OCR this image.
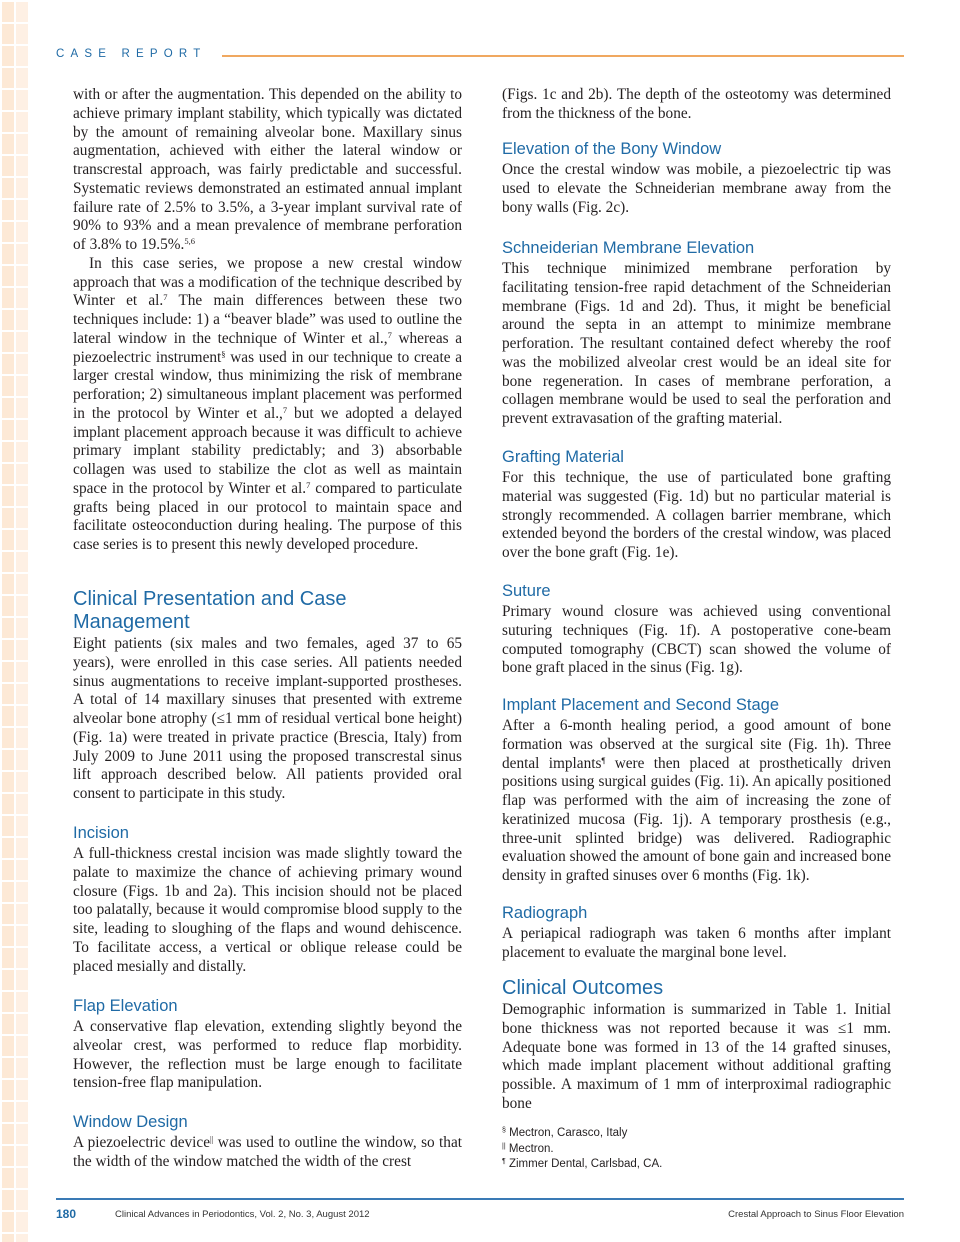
CASE REPORT

with or after the augmentation. This depended on the ability to achieve primary implant stability, which typically was dictated by the amount of remaining alveolar bone. Maxillary sinus augmentation, achieved with either the lateral window or transcrestal approach, was fairly predictable and successful. Systematic reviews demonstrated an estimated annual implant failure rate of 2.5% to 3.5%, a 3-year implant survival rate of 90% to 93% and a mean prevalence of membrane perforation of 3.8% to 19.5%.$^{5,6}$

In this case series, we propose a new crestal window approach that was a modification of the technique described by Winter et al.$^7$ The main differences between these two techniques include: 1) a “beaver blade” was used to outline the lateral window in the technique of Winter et al.,$^7$ whereas a piezoelectric instrument§ was used in our technique to create a larger crestal window, thus minimizing the risk of membrane perforation; 2) simultaneous implant placement was performed in the protocol by Winter et al.,$^7$ but we adopted a delayed implant placement approach because it was difficult to achieve primary implant stability predictably; and 3) absorbable collagen was used to stabilize the clot as well as maintain space in the protocol by Winter et al.$^7$ compared to particulate grafts being placed in our protocol to maintain space and facilitate osteoconduction during healing. The purpose of this case series is to present this newly developed procedure.

Clinical Presentation and Case Management

Eight patients (six males and two females, aged 37 to 65 years), were enrolled in this case series. All patients needed sinus augmentations to receive implant-supported prostheses. A total of 14 maxillary sinuses that presented with extreme alveolar bone atrophy (≤1 mm of residual vertical bone height) (Fig. 1a) were treated in private practice (Brescia, Italy) from July 2009 to June 2011 using the proposed transcrestal sinus lift approach described below. All patients provided oral consent to participate in this study.

Incision

A full-thickness crestal incision was made slightly toward the palate to maximize the chance of achieving primary wound closure (Figs. 1b and 2a). This incision should not be placed too palatally, because it would compromise blood supply to the site, leading to sloughing of the flaps and wound dehiscence. To facilitate access, a vertical or oblique release could be placed mesially and distally.

Flap Elevation

A conservative flap elevation, extending slightly beyond the alveolar crest, was performed to reduce flap morbidity. However, the reflection must be large enough to facilitate tension-free flap manipulation.

Window Design

A piezoelectric device|| was used to outline the window, so that the width of the window matched the width of the crest

(Figs. 1c and 2b). The depth of the osteotomy was determined from the thickness of the bone.

Elevation of the Bony Window

Once the crestal window was mobile, a piezoelectric tip was used to elevate the Schneiderian membrane away from the bony walls (Fig. 2c).

Schneiderian Membrane Elevation

This technique minimized membrane perforation by facilitating tension-free rapid detachment of the Schneiderian membrane (Figs. 1d and 2d). Thus, it might be beneficial around the septa in an attempt to minimize membrane perforation. The resultant contained defect whereby the roof was the mobilized alveolar crest would be an ideal site for bone regeneration. In cases of membrane perforation, a collagen membrane would be used to seal the perforation and prevent extravasation of the grafting material.

Grafting Material

For this technique, the use of particulated bone grafting material was suggested (Fig. 1d) but no particular material is strongly recommended. A collagen barrier membrane, which extended beyond the borders of the crestal window, was placed over the bone graft (Fig. 1e).

Suture

Primary wound closure was achieved using conventional suturing techniques (Fig. 1f). A postoperative cone-beam computed tomography (CBCT) scan showed the volume of bone graft placed in the sinus (Fig. 1g).

Implant Placement and Second Stage

After a 6-month healing period, a good amount of bone formation was observed at the surgical site (Fig. 1h). Three dental implants¶ were then placed at prosthetically driven positions using surgical guides (Fig. 1i). An apically positioned flap was performed with the aim of increasing the zone of keratinized mucosa (Fig. 1j). A temporary prosthesis (e.g., three-unit splinted bridge) was delivered. Radiographic evaluation showed the amount of bone gain and increased bone density in grafted sinuses over 6 months (Fig. 1k).

Radiograph

A periapical radiograph was taken 6 months after implant placement to evaluate the marginal bone level.

Clinical Outcomes

Demographic information is summarized in Table 1. Initial bone thickness was not reported because it was ≤1 mm. Adequate bone was formed in 13 of the 14 grafted sinuses, which made implant placement without additional grafting possible. A maximum of 1 mm of interproximal radiographic bone

§ Mectron, Carasco, Italy
|| Mectron.
¶ Zimmer Dental, Carlsbad, CA.
180	Clinical Advances in Periodontics, Vol. 2, No. 3, August 2012	Crestal Approach to Sinus Floor Elevation
